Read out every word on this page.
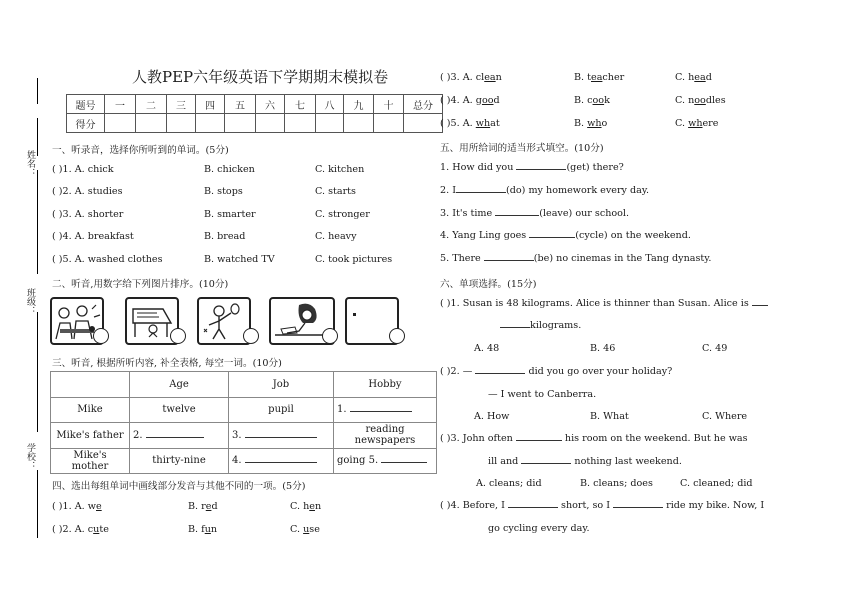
姓名：
班级：
学校：
人教PEP六年级英语下学期期末模拟卷
题号	一	二	三	四	五	六	七	八	九	十	总分
得分											
一、听录音，选择你所听到的单词。(5分)
( )1. A. chick	B. chicken	C. kitchen
( )2. A. studies	B. stops	C. starts
( )3. A. shorter	B. smarter	C. stronger
( )4. A. breakfast	B. bread	C. heavy
( )5. A. washed clothes	B. watched TV	C. took pictures
二、听音,用数字给下列图片排序。(10分)
三、听音, 根据所听内容, 补全表格, 每空一词。(10分)
	Age	Job	Hobby
Mike	twelve	pupil	1.
Mike's father	2.	3.	reading newspapers
Mike's mother	thirty-nine	4.	going 5.
四、选出每组单词中画线部分发音与其他不同的一项。(5分)
( )1. A. we	B. red	C. hen
( )2. A. cute	B. fun	C. use
( )3. A. clean	B. teacher	C. head
( )4. A. good	B. cook	C. noodles
( )5. A. what	B. who	C. where
五、用所给词的适当形式填空。(10分)
1. How did you	(get) there?
2. I	(do) my homework every day.
3. It's time	(leave) our school.
4. Yang Ling goes	(cycle) on the weekend.
5. There	(be) no cinemas in the Tang dynasty.
六、单项选择。(15分)
( )1. Susan is 48 kilograms. Alice is thinner than Susan. Alice is
kilograms.
A. 48	B. 46	C. 49
( )2. —	did you go over your holiday?
— I went to Canberra.
A. How	B. What	C. Where
( )3. John often	his room on the weekend. But he was
ill and	nothing last weekend.
A. cleans; did	B. cleans; does	C. cleaned; did
( )4. Before, I	short, so I	ride my bike. Now, I
go cycling every day.
